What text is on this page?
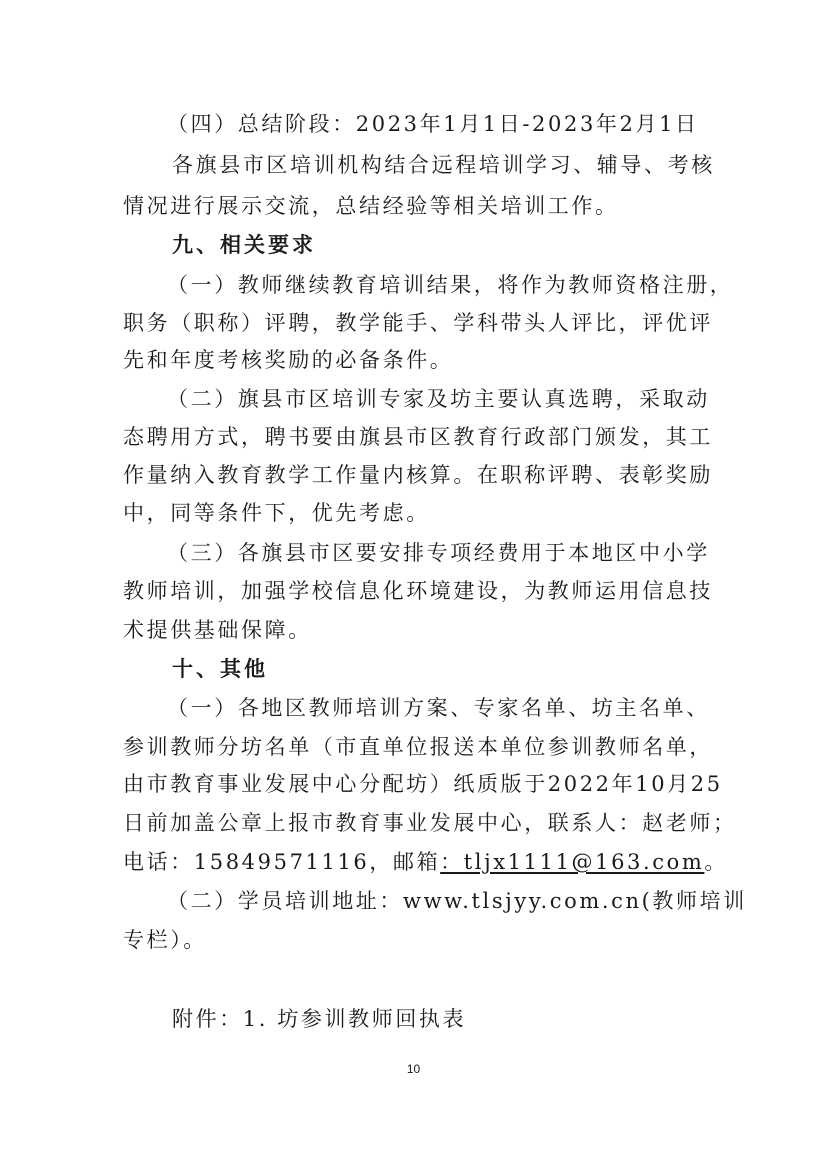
（四）总结阶段：2023年1月1日-2023年2月1日
各旗县市区培训机构结合远程培训学习、辅导、考核
情况进行展示交流，总结经验等相关培训工作。
九、相关要求
（一）教师继续教育培训结果，将作为教师资格注册，
职务（职称）评聘，教学能手、学科带头人评比，评优评
先和年度考核奖励的必备条件。
（二）旗县市区培训专家及坊主要认真选聘，采取动
态聘用方式，聘书要由旗县市区教育行政部门颁发，其工
作量纳入教育教学工作量内核算。在职称评聘、表彰奖励
中，同等条件下，优先考虑。
（三）各旗县市区要安排专项经费用于本地区中小学
教师培训，加强学校信息化环境建设，为教师运用信息技
术提供基础保障。
十、其他
（一）各地区教师培训方案、专家名单、坊主名单、
参训教师分坊名单（市直单位报送本单位参训教师名单，
由市教育事业发展中心分配坊）纸质版于2022年10月25
日前加盖公章上报市教育事业发展中心，联系人：赵老师；
电话：15849571116，邮箱：tljx1111@163.com。
（二）学员培训地址：www.tlsjyy.com.cn(教师培训
专栏）。
附件：1. 坊参训教师回执表
10
